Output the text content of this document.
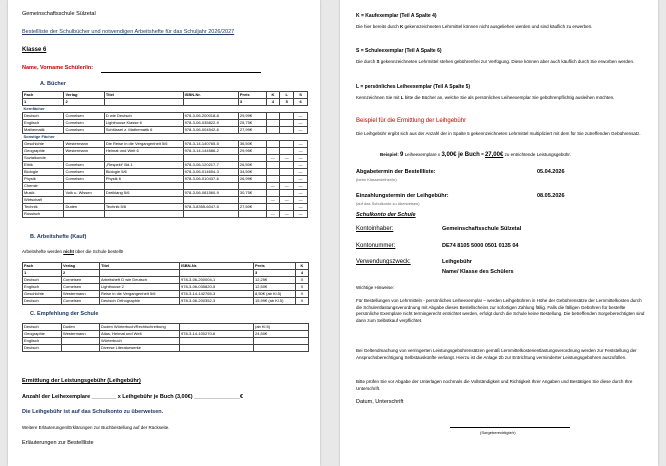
Gemeinschaftsschule Sülzetal
Bestellliste der Schulbücher und notwendigen Arbeitshefte für das Schuljahr 2026/2027
Klasse 6
Name, Vorname Schüler/in:
A. Bücher
Fach	Verlag	Titel	ISBN-Nr.	Preis	K	L	S
1	2			3	4	5	6
Kernfächer							
Deutsch	Cornelsen	D wie Deutsch	978-3-06-200018-8	29,99€			—
Englisch	Cornelsen	Lighthouse Klasse 6	978-3-06-035822-9	25,75€			—
Mathematik	Cornelsen	Schlüssel z. Mathematik 6	978-3-06-004542-6	27,99€			—
Sonstige Fächer							
Geschichte	Westermann	Die Reise in die Vergangenheit 5/6	978-3-14-140765-5	36,50€			—
Geographie	Westermann	Heimat und Welt 6	978-3-14-144586-2	29,95€			—
Sozialkunde					—	—	—
Ethik	Cornelsen	„Respekt“ Bd.1	978-3-06-120217-7	26,50€			—
Biologie	Cornelsen	Biologie 5/6	978-3-06-014654-3	34,50€			—
Physik	Cornelsen	Physik 6	978-3-06-010437-6	26,99€			—
Chemie					—	—	—
Musik	Volk u. Wissen	Dreiklang 5/6	978-3-06-081560-9	30,75€			—
Wirtschaft					—	—	—
Technik	Duden	Technik 5/6	978-3-8355-6047-5	27,50€			—
Russisch					—	—	—
B. Arbeitshefte (Kauf)
Arbeitshefte werden nicht über die Schule bestellt!
Fach	Verlag	Titel	ISBN-Nr.	Preis	K
1	2			3	4
Deutsch	Cornelsen	Arbeitsheft D wie Deutsch	978-3-06-200004-1	12,25€	X
Englisch	Cornelsen	Lighthouse 2	978-3-06-035820-5	12,50€	X
Geschichte	Westermann	Reise in die Vergangenheit 5/6	978-3-14-142765-3	8,50€ (ab Kl.5)	X
Deutsch	Cornelsen	Deutsch Orthographie	978-3-06-200352-3	15,99€ (ab Kl.5)	X
C. Empfehlung der Schule
Deutsch	Duden	Duden Wörterbuch/Rechtschreibung		(ab Kl.5)
Geographie	Westermann	Atlas, Heimat und Welt	978-3-14-100270-6	24,50€
Englisch		Wörterbuch		
Deutsch		Diverse Literaturwerke		
Ermittlung der Leistungsgebühr (Leihgebühr)
Anzahl der Leihexemplare ________ x Leihgebühr je Buch (3,00€) _______________€
Die Leihgebühr ist auf das Schulkonto zu überweisen.
Weitere Erläuterungen/Erklärungen zur Buchbestellung auf der Rückseite.
Erläuterungen zur Bestellliste
K = Kaufexemplar (Teil A Spalte 4)
Die hier bereits durch K gekennzeichneten Lehrmittel können nicht ausgeliehen werden und sind käuflich zu erwerben.
S = Schuleexemplar (Teil A Spalte 6)
Die durch S gekennzeichneten Lehrmittel stehen gebührenfrei zur Verfügung. Diese können aber auch käuflich durch Sie erworben werden.
L = persönliches Leiheexemplar (Teil A Spalte 5)
Kennzeichnen Sie mit L bitte die Bücher an, welche Sie als persönliches Leiheexemplar Sie gebührenpflichtig ausleihen möchten.
Beispiel für die Ermittlung der Leihgebühr
Die Leihgebühr ergibt sich aus der Anzahl der in Spalte 5 gekennzeichneten Lehrmittel multipliziert mit dem für Sie zutreffenden Gebührensatz.
Beispiel: 9 Leiheexemplare x 3,00€ je Buch = 27,00€ zu entrichtende Leistungsgebühr.
Abgabetermin der Bestellliste:
(beim Klassenleiher/in)
05.04.2026
Einzahlungstermin der Leihgebühr:
(auf das Schulkonto zu überweisen)
08.05.2026
Schulkonto der Schule
Kontoinhaber:	Gemeinschaftsschule Sülzetal
Kontonummer:	DE74 8105 5000 0501 0135 04
Verwendungszweck:	Leihgebühr
Name/ Klasse des Schülers
Wichtige Hinweise:
Für Bestellungen von Lehrmitteln - persönliches Leiheexemplar – werden Leihgebühren in Höhe der Gebührensätze der Lernmittelkosten durch die Schulentlastungsverordnung mit Abgabe dieses Bestellscheins zur sofortigen Zahlung fällig. Falls die fälligen Gebühren für bestellte persönliche Exemplare nicht termingerecht entrichtet werden, erfolgt durch die Schule keine Bestellung. Die betreffenden Sorgeberechtigten sind dann zum Selbstkauf verpflichtet.
Bei Geltendmachung von verringerten Leistungsgebührensätzen gemäß Lernmittelkostenentlastungsverordnung werden zur Feststellung der Anspruchsberechtigung Selbstauskünfte verlangt. Hierzu ist die Anlage 2b zur Entrichtung verminderter Leistungsgebühren auszufüllen.
Bitte prüfen Sie vor Abgabe der Unterlagen nochmals die Vollständigkeit und Richtigkeit Ihrer Angaben und Bestätigen Sie diese durch Ihre Unterschrift.
Datum, Unterschrift
(Sorgeberechtigte/r)
